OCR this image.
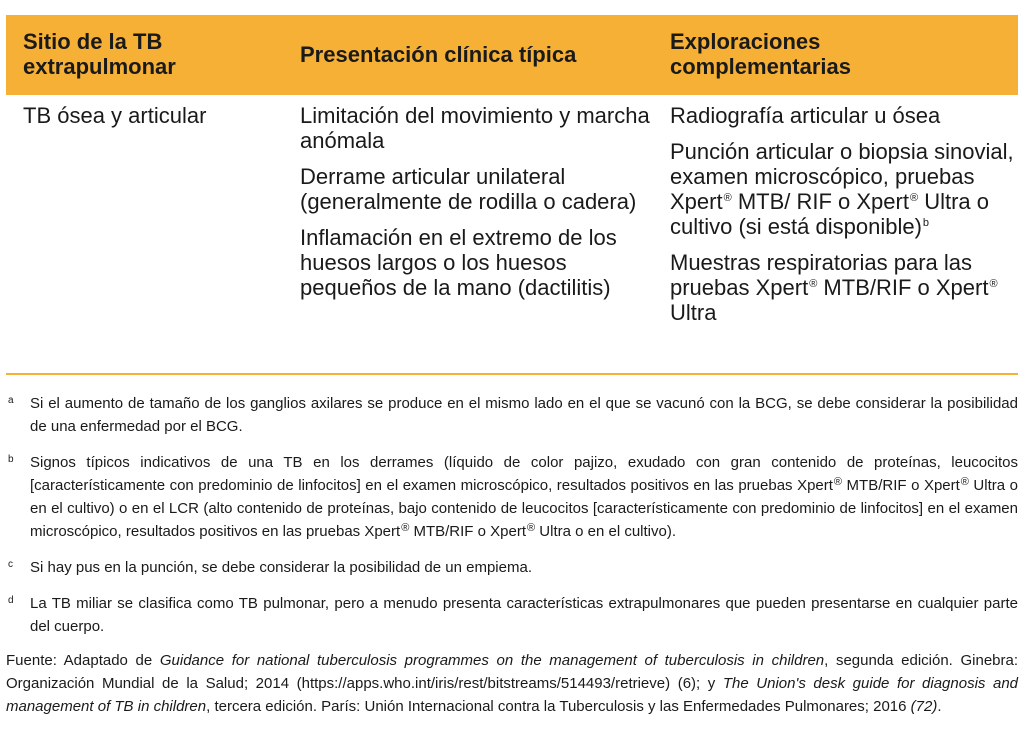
Sitio de la TB extrapulmonar	Presentación clínica típica
Exploraciones complementarias
TB ósea y articular	Limitación del movimiento y marcha anómala

Derrame articular unilateral (generalmente de rodilla o cadera)

Inflamación en el extremo de los huesos largos o los huesos pequeños de la mano (dactilitis)

Radiografía articular u ósea

Punción articular o biopsia sinovial, examen microscópico, pruebas Xpert® MTB/ RIF o Xpert® Ultra o cultivo (si está disponible)$^b$

Muestras respiratorias para las pruebas Xpert® MTB/RIF o Xpert® Ultra

a Si el aumento de tamaño de los ganglios axilares se produce en el mismo lado en el que se vacunó con la BCG, se debe considerar la posibilidad de una enfermedad por el BCG.
b Signos típicos indicativos de una TB en los derrames (líquido de color pajizo, exudado con gran contenido de proteínas, leucocitos [característicamente con predominio de linfocitos] en el examen microscópico, resultados positivos en las pruebas Xpert® MTB/RIF o Xpert® Ultra o en el cultivo) o en el LCR (alto contenido de proteínas, bajo contenido de leucocitos [característicamente con predominio de linfocitos] en el examen microscópico, resultados positivos en las pruebas Xpert® MTB/RIF o Xpert® Ultra o en el cultivo).
c Si hay pus en la punción, se debe considerar la posibilidad de un empiema.
d La TB miliar se clasifica como TB pulmonar, pero a menudo presenta características extrapulmonares que pueden presentarse en cualquier parte del cuerpo.
Fuente: Adaptado de Guidance for national tuberculosis programmes on the management of tuberculosis in children, segunda edición. Ginebra: Organización Mundial de la Salud; 2014 (https://apps.who.int/iris/rest/bitstreams/514493/retrieve) (6); y The Union's desk guide for diagnosis and management of TB in children, tercera edición. París: Unión Internacional contra la Tuberculosis y las Enfermedades Pulmonares; 2016 (72).
